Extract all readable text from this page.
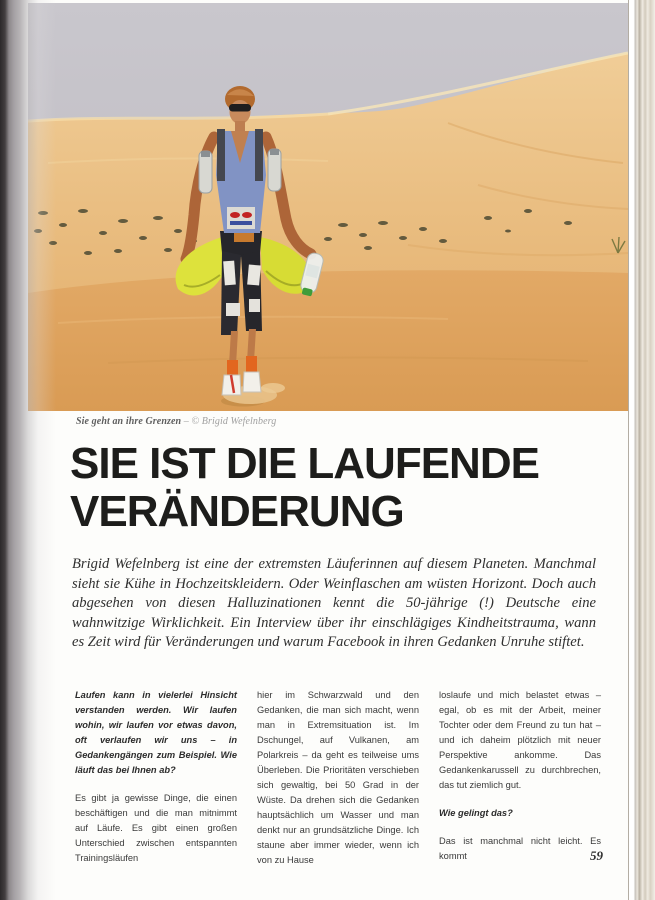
Sie geht an ihre Grenzen – © Brigid Wefelnberg
SIE IST DIE LAUFENDE
VERÄNDERUNG

Brigid Wefelnberg ist eine der extremsten Läuferinnen auf diesem Planeten. Manchmal sieht sie Kühe in Hochzeitskleidern. Oder Weinflaschen am wüsten Horizont. Doch auch abgesehen von diesen Halluzinationen kennt die 50-jährige (!) Deutsche eine wahnwitzige Wirklichkeit. Ein Interview über ihr einschlägiges Kindheitstrauma, wann es Zeit wird für Veränderungen und warum Facebook in ihren Gedanken Unruhe stiftet.

Laufen kann in vielerlei Hinsicht verstanden werden. Wir laufen wohin, wir laufen vor etwas davon, oft verlaufen wir uns – in Gedankengängen zum Beispiel. Wie läuft das bei Ihnen ab?

Es gibt ja gewisse Dinge, die einen beschäftigen und die man mitnimmt auf Läufe. Es gibt einen großen Unterschied zwischen entspannten Trainingsläufen

hier im Schwarzwald und den Gedanken, die man sich macht, wenn man in Extremsituation ist. Im Dschungel, auf Vulkanen, am Polarkreis – da geht es teilweise ums Überleben. Die Prioritäten verschieben sich gewaltig, bei 50 Grad in der Wüste. Da drehen sich die Gedanken hauptsächlich um Wasser und man denkt nur an grundsätzliche Dinge. Ich staune aber immer wieder, wenn ich von zu Hause

loslaufe und mich belastet etwas – egal, ob es mit der Arbeit, meiner Tochter oder dem Freund zu tun hat – und ich daheim plötzlich mit neuer Perspektive ankomme. Das Gedankenkarussell zu durchbrechen, das tut ziemlich gut.

Wie gelingt das?

Das ist manchmal nicht leicht. Es kommt	59
